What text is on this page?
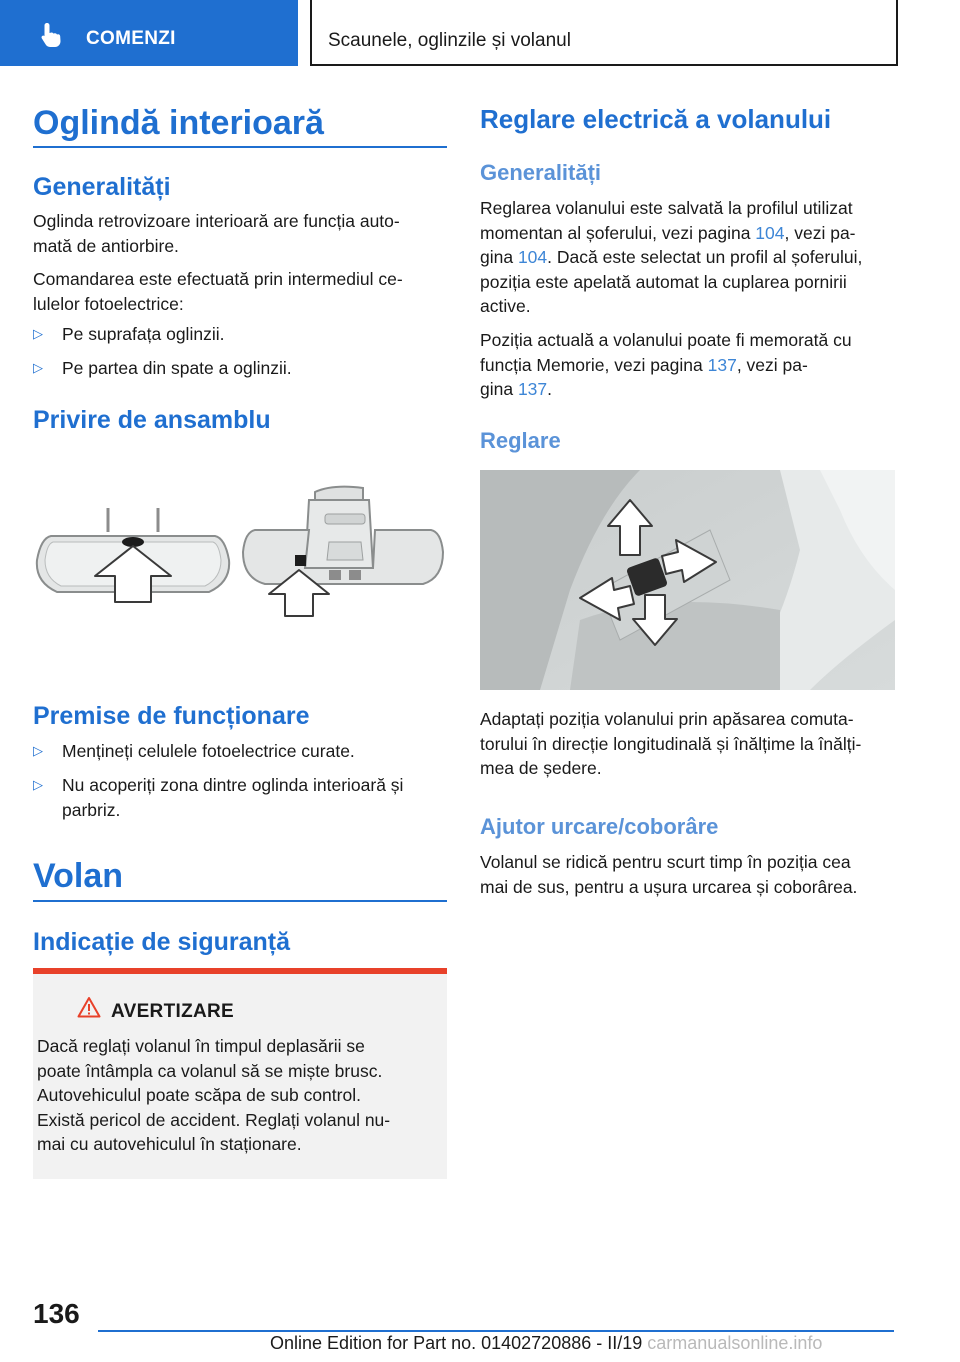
COMENZI	Scaunele, oglinzile și volanul
Oglindă interioară
Generalități

Oglinda retrovizoare interioară are funcția auto-
mată de antiorbire.

Comandarea este efectuată prin intermediul ce-
lulelor fotoelectrice:

▷ Pe suprafața oglinzii.
▷ Pe partea din spate a oglinzii.
Privire de ansamblu
Premise de funcționare
▷ Mențineți celulele fotoelectrice curate.
▷ Nu acoperiți zona dintre oglinda interioară și
parbriz.
Volan
Indicație de siguranță
AVERTIZARE
Dacă reglați volanul în timpul deplasării se
poate întâmpla ca volanul să se miște brusc.
Autovehiculul poate scăpa de sub control.
Există pericol de accident. Reglați volanul nu-
mai cu autovehiculul în staționare.
Reglare electrică a volanului
Generalități

Reglarea volanului este salvată la profilul utilizat
momentan al șoferului, vezi pagina 104, vezi pa-
gina 104. Dacă este selectat un profil al șoferului,
poziția este apelată automat la cuplarea pornirii
active.

Poziția actuală a volanului poate fi memorată cu
funcția Memorie, vezi pagina 137, vezi pa-
gina 137.

Reglare

Adaptați poziția volanului prin apăsarea comuta-
torului în direcție longitudinală și înălțime la înălți-
mea de ședere.

Ajutor urcare/coborâre

Volanul se ridică pentru scurt timp în poziția cea
mai de sus, pentru a ușura urcarea și coborârea.

136
Online Edition for Part no. 01402720886 - II/19 carmanualsonline.info
